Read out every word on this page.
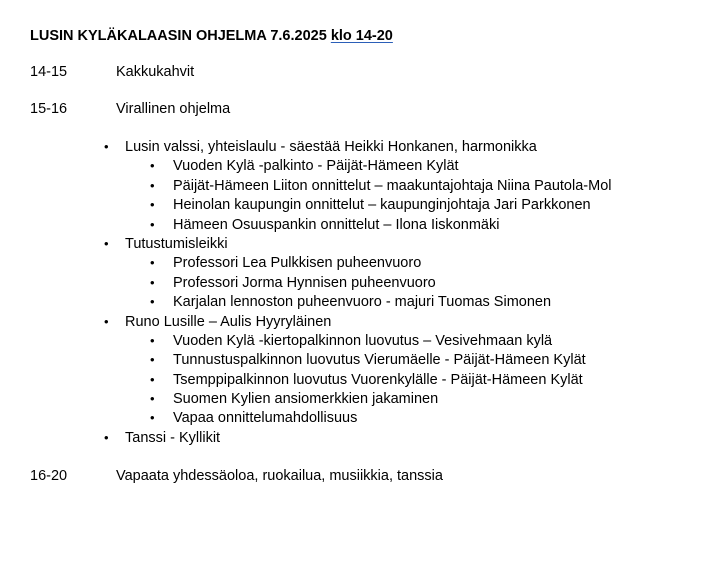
LUSIN KYLÄKALAASIN OHJELMA 7.6.2025 klo 14-20
14-15	Kakkukahvit
15-16	Virallinen ohjelma
• Lusin valssi, yhteislaulu - säestää Heikki Honkanen, harmonikka
• Vuoden Kylä -palkinto - Päijät-Hämeen Kylät
• Päijät-Hämeen Liiton onnittelut – maakuntajohtaja Niina Pautola-Mol
• Heinolan kaupungin onnittelut – kaupunginjohtaja Jari Parkkonen
• Hämeen Osuuspankin onnittelut – Ilona Iiskonmäki
• Tutustumisleikki
• Professori Lea Pulkkisen puheenvuoro
• Professori Jorma Hynnisen puheenvuoro
• Karjalan lennoston puheenvuoro - majuri Tuomas Simonen
• Runo Lusille – Aulis Hyyryläinen
• Vuoden Kylä -kiertopalkinnon luovutus – Vesivehmaan kylä
• Tunnustuspalkinnon luovutus Vierumäelle - Päijät-Hämeen Kylät
• Tsemppipalkinnon luovutus Vuorenkylälle - Päijät-Hämeen Kylät
• Suomen Kylien ansiomerkkien jakaminen
• Vapaa onnittelumahdollisuus
• Tanssi - Kyllikit
16-20	Vapaata yhdessäoloa, ruokailua, musiikkia, tanssia
